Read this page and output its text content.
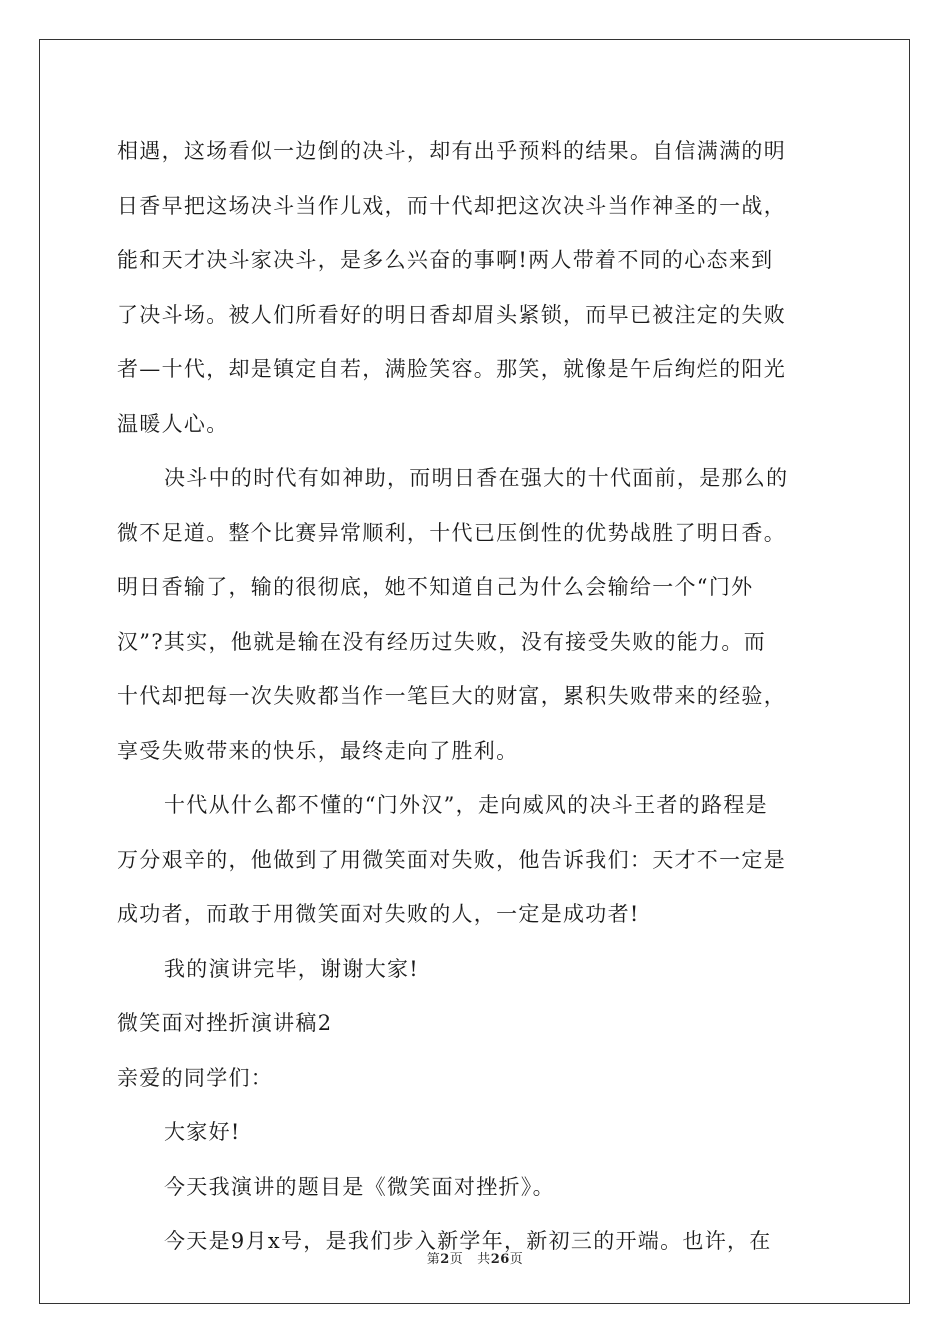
相遇，这场看似一边倒的决斗，却有出乎预料的结果。自信满满的明
日香早把这场决斗当作儿戏，而十代却把这次决斗当作神圣的一战，
能和天才决斗家决斗，是多么兴奋的事啊!两人带着不同的心态来到
了决斗场。被人们所看好的明日香却眉头紧锁，而早已被注定的失败
者—十代，却是镇定自若，满脸笑容。那笑，就像是午后绚烂的阳光
温暖人心。
决斗中的时代有如神助，而明日香在强大的十代面前，是那么的
微不足道。整个比赛异常顺利，十代已压倒性的优势战胜了明日香。
明日香输了，输的很彻底，她不知道自己为什么会输给一个“门外
汉”?其实，他就是输在没有经历过失败，没有接受失败的能力。而
十代却把每一次失败都当作一笔巨大的财富，累积失败带来的经验，
享受失败带来的快乐，最终走向了胜利。
十代从什么都不懂的“门外汉”，走向威风的决斗王者的路程是
万分艰辛的，他做到了用微笑面对失败，他告诉我们：天才不一定是
成功者，而敢于用微笑面对失败的人，一定是成功者!
我的演讲完毕，谢谢大家!
微笑面对挫折演讲稿2
亲爱的同学们：
大家好!
今天我演讲的题目是《微笑面对挫折》。
今天是9月x号，是我们步入新学年，新初三的开端。也许，在
第2页 共26页
